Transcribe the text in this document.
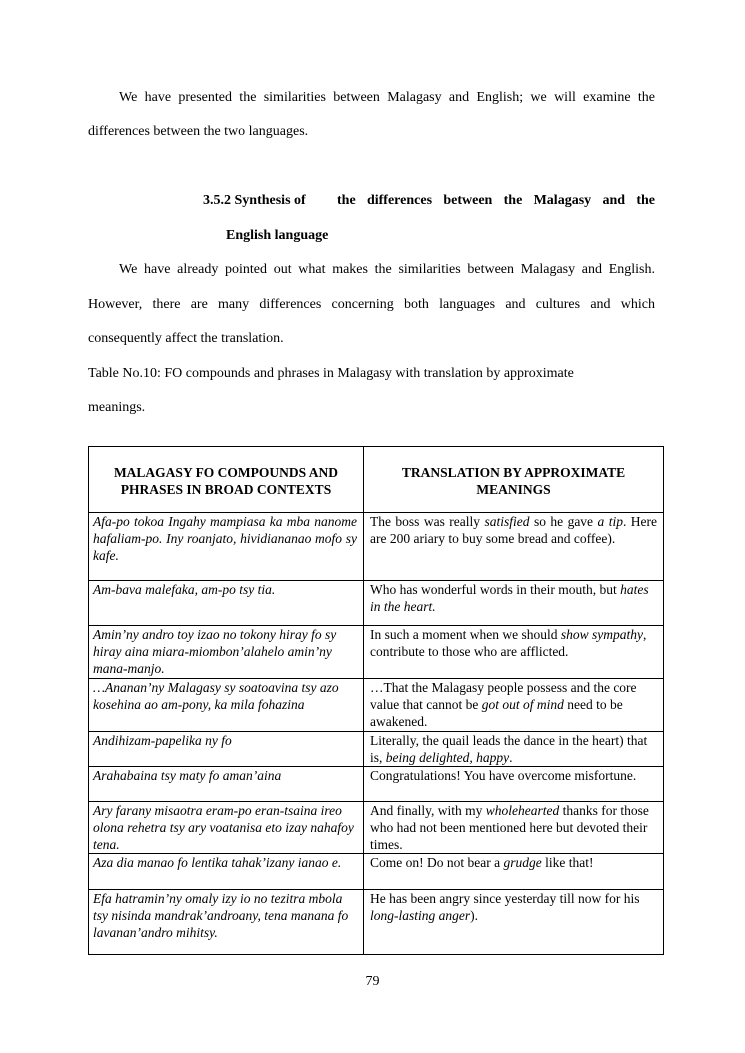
We have presented the similarities between Malagasy and English; we will examine the
differences between the two languages.
3.5.2 Synthesis of the differences between the Malagasy and the
English language
We have already pointed out what makes the similarities between Malagasy and English.
However, there are many differences concerning both languages and cultures and which
consequently affect the translation.
Table No.10: FO compounds and phrases in Malagasy with translation by approximate
meanings.
MALAGASY FO COMPOUNDS AND PHRASES IN BROAD CONTEXTS	TRANSLATION BY APPROXIMATE MEANINGS
Afa-po tokoa Ingahy mampiasa ka mba nanome hafaliam-po. Iny roanjato, hividiananao mofo sy kafe.	The boss was really satisfied so he gave a tip. Here are 200 ariary to buy some bread and coffee).
Am-bava malefaka, am-po tsy tia.	Who has wonderful words in their mouth, but hates in the heart.
Amin’ny andro toy izao no tokony hiray fo sy hiray aina miara-miombon’alahelo amin’ny mana-manjo.	In such a moment when we should show sympathy, contribute to those who are afflicted.
…Ananan’ny Malagasy sy soatoavina tsy azo kosehina ao am-pony, ka mila fohazina	…That the Malagasy people possess and the core value that cannot be got out of mind need to be awakened.
Andihizam-papelika ny fo	Literally, the quail leads the dance in the heart) that is, being delighted, happy.
Arahabaina tsy maty fo aman’aina	Congratulations! You have overcome misfortune.
Ary farany misaotra eram-po eran-tsaina ireo olona rehetra tsy ary voatanisa eto izay nahafoy tena.	And finally, with my wholehearted thanks for those who had not been mentioned here but devoted their times.
Aza dia manao fo lentika tahak’izany ianao e.	Come on! Do not bear a grudge like that!
Efa hatramin’ny omaly izy io no tezitra mbola tsy nisinda mandrak’androany, tena manana fo lavanan’andro mihitsy.	He has been angry since yesterday till now for his long-lasting anger).
79
